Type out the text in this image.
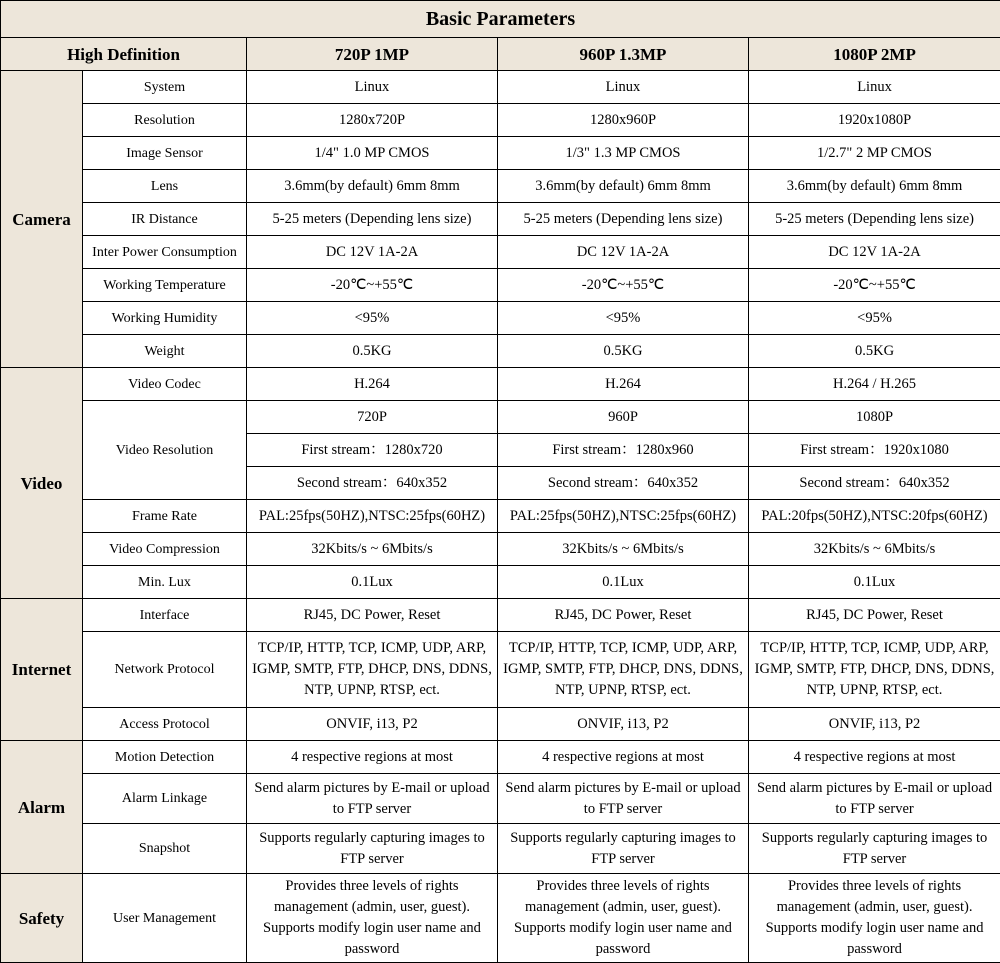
Basic Parameters				
High Definition		720P 1MP	960P 1.3MP	1080P 2MP
Camera	System	Linux	Linux	Linux
	Resolution	1280x720P	1280x960P	1920x1080P
	Image Sensor	1/4" 1.0 MP CMOS	1/3" 1.3 MP CMOS	1/2.7" 2 MP CMOS
	Lens	3.6mm(by default) 6mm 8mm	3.6mm(by default) 6mm 8mm	3.6mm(by default) 6mm 8mm
	IR Distance	5-25 meters (Depending lens size)	5-25 meters (Depending lens size)	5-25 meters (Depending lens size)
	Inter Power Consumption	DC 12V 1A-2A	DC 12V 1A-2A	DC 12V 1A-2A
	Working Temperature	-20℃~+55℃	-20℃~+55℃	-20℃~+55℃
	Working Humidity	<95%	<95%	<95%
	Weight	0.5KG	0.5KG	0.5KG
Video	Video Codec	H.264	H.264	H.264 / H.265
	Video Resolution	720P	960P	1080P
		First stream：1280x720	First stream：1280x960	First stream：1920x1080
		Second stream：640x352	Second stream：640x352	Second stream：640x352
	Frame Rate	PAL:25fps(50HZ),NTSC:25fps(60HZ)	PAL:25fps(50HZ),NTSC:25fps(60HZ)	PAL:20fps(50HZ),NTSC:20fps(60HZ)
	Video Compression	32Kbits/s ~ 6Mbits/s	32Kbits/s ~ 6Mbits/s	32Kbits/s ~ 6Mbits/s
	Min. Lux	0.1Lux	0.1Lux	0.1Lux
Internet	Interface	RJ45, DC Power, Reset	RJ45, DC Power, Reset	RJ45, DC Power, Reset
	Network Protocol	TCP/IP, HTTP, TCP, ICMP, UDP, ARP, IGMP, SMTP, FTP, DHCP, DNS, DDNS, NTP, UPNP, RTSP, ect.	TCP/IP, HTTP, TCP, ICMP, UDP, ARP, IGMP, SMTP, FTP, DHCP, DNS, DDNS, NTP, UPNP, RTSP, ect.	TCP/IP, HTTP, TCP, ICMP, UDP, ARP, IGMP, SMTP, FTP, DHCP, DNS, DDNS, NTP, UPNP, RTSP, ect.
	Access Protocol	ONVIF, i13, P2	ONVIF, i13, P2	ONVIF, i13, P2
Alarm	Motion Detection	4 respective regions at most	4 respective regions at most	4 respective regions at most
	Alarm Linkage	Send alarm pictures by E-mail or upload to FTP server	Send alarm pictures by E-mail or upload to FTP server	Send alarm pictures by E-mail or upload to FTP server
	Snapshot	Supports regularly capturing images to FTP server	Supports regularly capturing images to FTP server	Supports regularly capturing images to FTP server
Safety	User Management	Provides three levels of rights management (admin, user, guest). Supports modify login user name and password	Provides three levels of rights management (admin, user, guest). Supports modify login user name and password	Provides three levels of rights management (admin, user, guest). Supports modify login user name and password
